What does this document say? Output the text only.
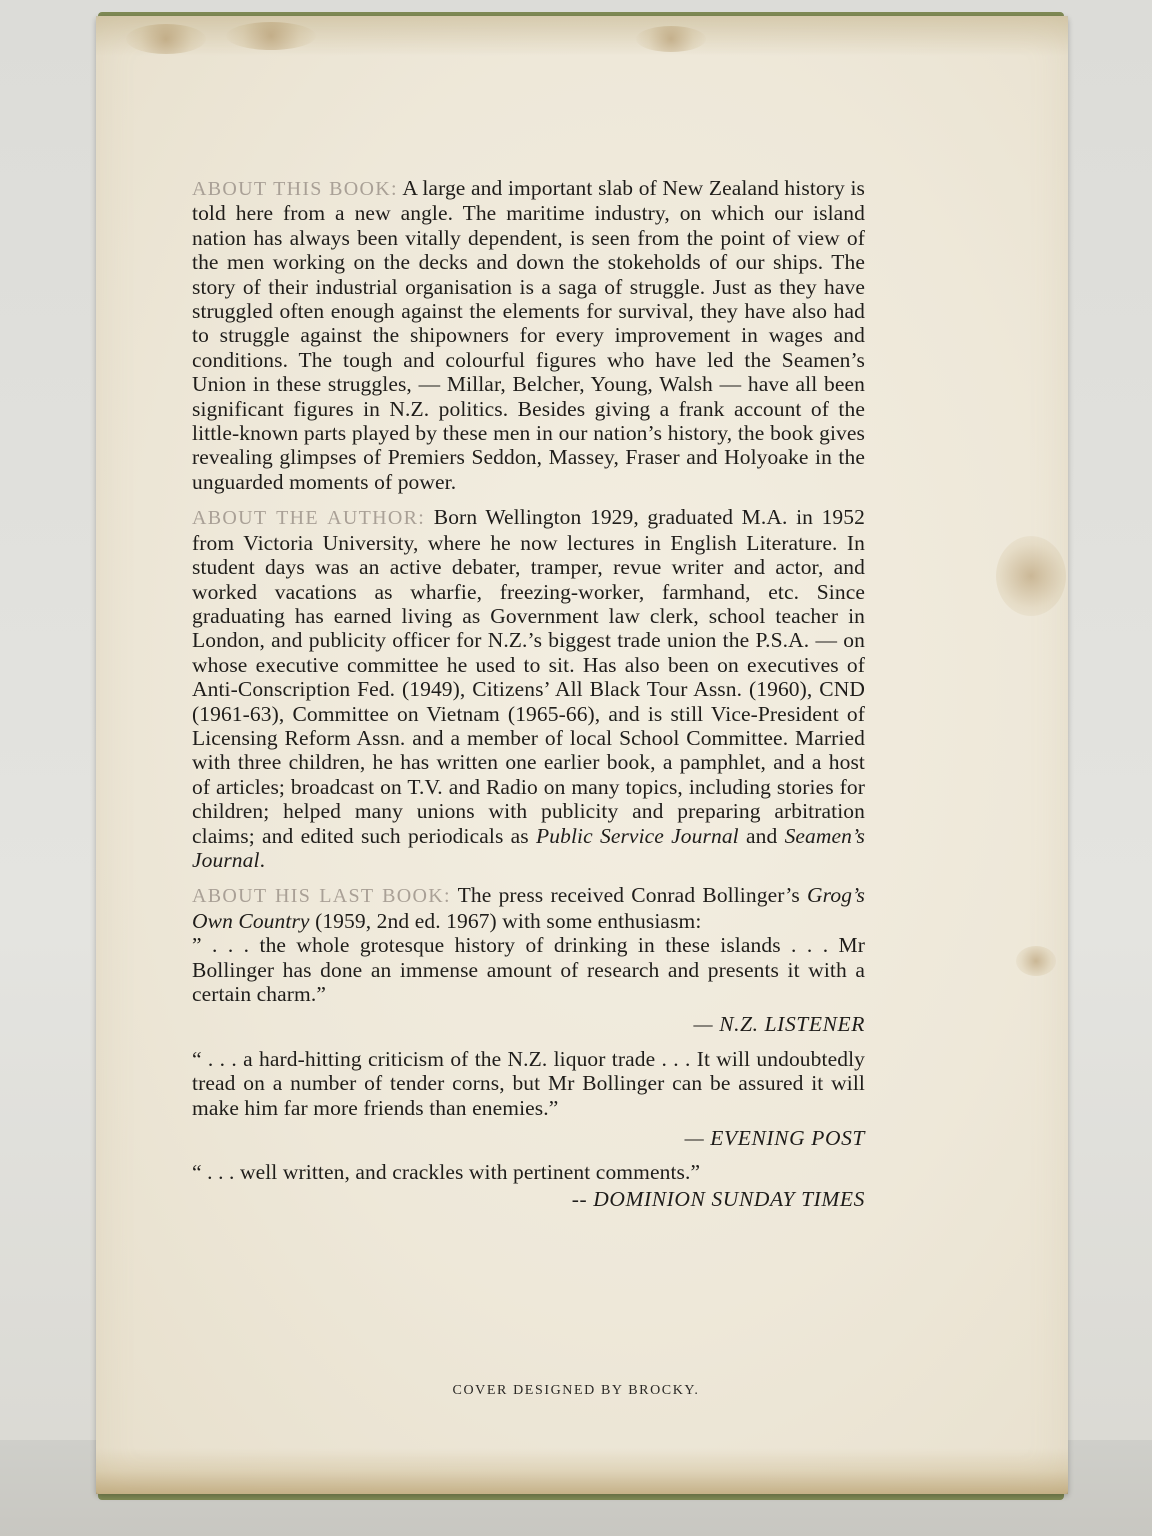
ABOUT THIS BOOK: A large and important slab of New Zealand history is told here from a new angle. The maritime industry, on which our island nation has always been vitally dependent, is seen from the point of view of the men working on the decks and down the stokeholds of our ships. The story of their industrial organisation is a saga of struggle. Just as they have struggled often enough against the elements for survival, they have also had to struggle against the shipowners for every improvement in wages and conditions. The tough and colourful figures who have led the Seamen’s Union in these struggles, — Millar, Belcher, Young, Walsh — have all been significant figures in N.Z. politics. Besides giving a frank account of the little-known parts played by these men in our nation’s history, the book gives revealing glimpses of Premiers Seddon, Massey, Fraser and Holyoake in the unguarded moments of power.

ABOUT THE AUTHOR: Born Wellington 1929, graduated M.A. in 1952 from Victoria University, where he now lectures in English Literature. In student days was an active debater, tramper, revue writer and actor, and worked vacations as wharfie, freezing-worker, farmhand, etc. Since graduating has earned living as Government law clerk, school teacher in London, and publicity officer for N.Z.’s biggest trade union the P.S.A. — on whose executive committee he used to sit. Has also been on executives of Anti-Conscription Fed. (1949), Citizens’ All Black Tour Assn. (1960), CND (1961-63), Committee on Vietnam (1965-66), and is still Vice-President of Licensing Reform Assn. and a member of local School Committee. Married with three children, he has written one earlier book, a pamphlet, and a host of articles; broadcast on T.V. and Radio on many topics, including stories for children; helped many unions with publicity and preparing arbitration claims; and edited such periodicals as Public Service Journal and Seamen’s Journal.

ABOUT HIS LAST BOOK: The press received Conrad Bollinger’s Grog’s Own Country (1959, 2nd ed. 1967) with some enthusiasm:

” . . . the whole grotesque history of drinking in these islands . . . Mr Bollinger has done an immense amount of research and presents it with a certain charm.”

— N.Z. LISTENER

“ . . . a hard-hitting criticism of the N.Z. liquor trade . . . It will undoubtedly tread on a number of tender corns, but Mr Bollinger can be assured it will make him far more friends than enemies.”

— EVENING POST

“ . . . well written, and crackles with pertinent comments.”

-- DOMINION SUNDAY TIMES

COVER DESIGNED BY BROCKY.
